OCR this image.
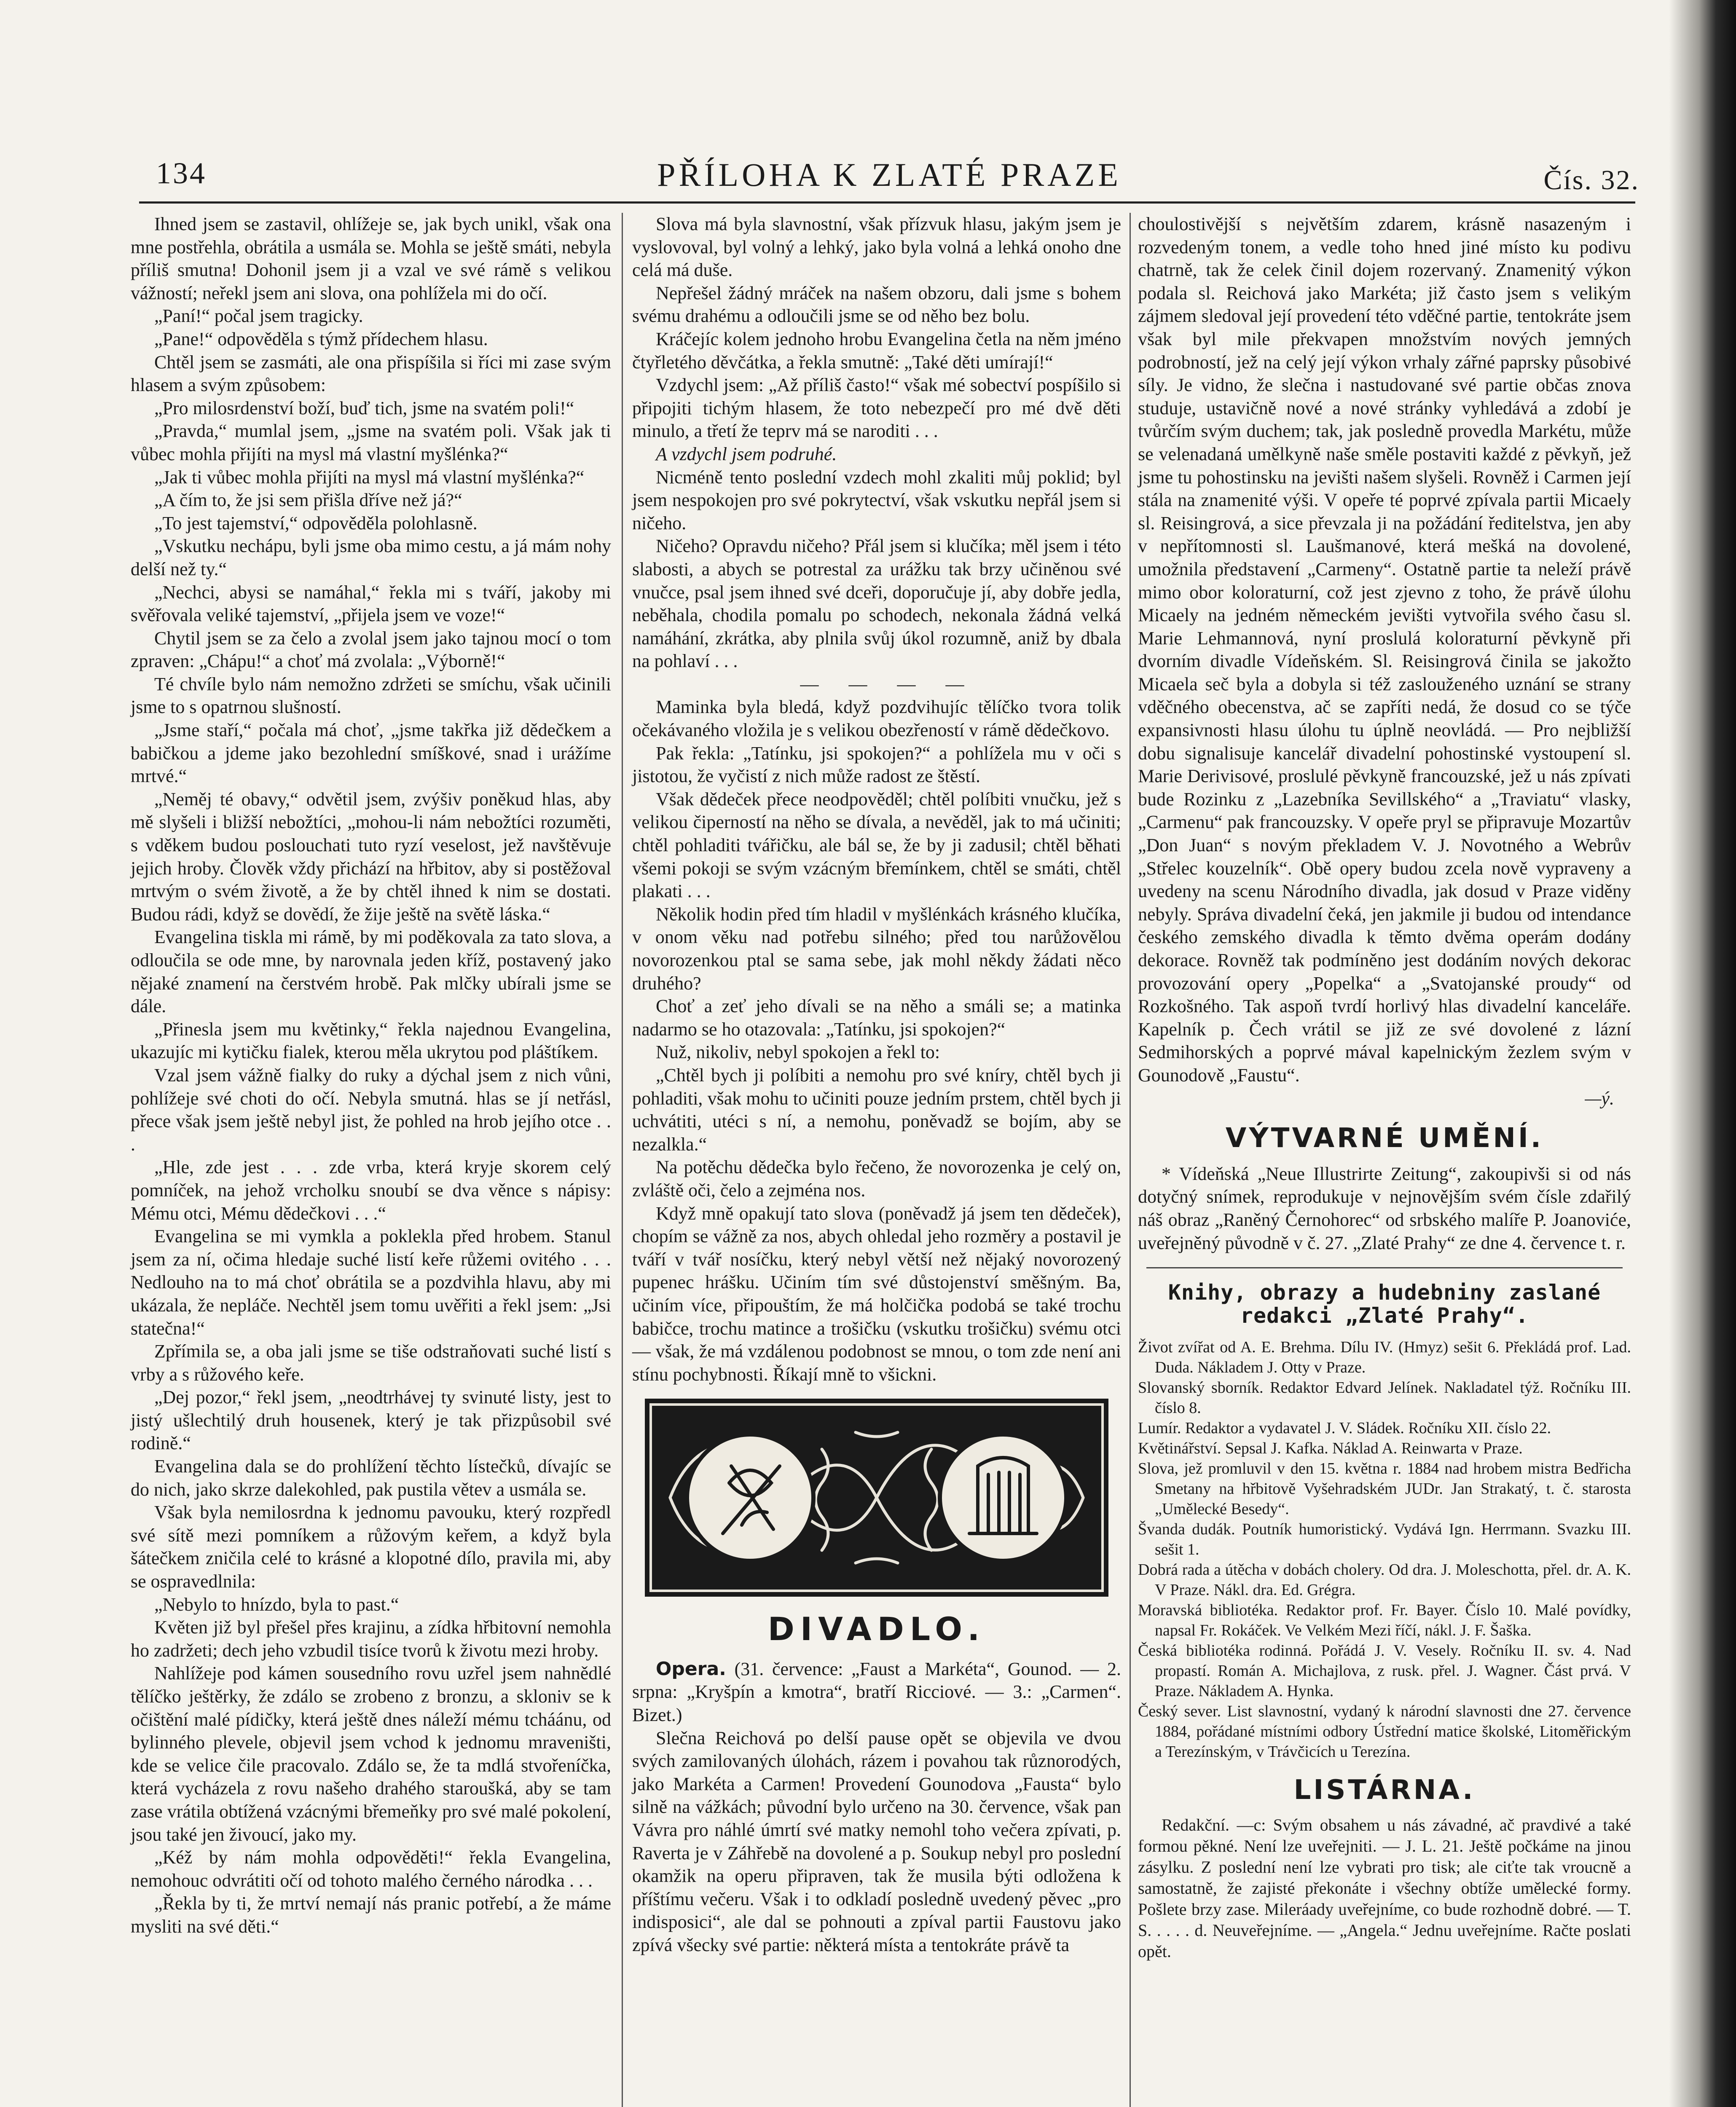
134	PŘÍLOHA K ZLATÉ PRAZE	Čís. 32.

Ihned jsem se zastavil, ohlížeje se, jak bych unikl, však ona mne postřehla, obrátila a usmála se. Mohla se ještě smáti, nebyla příliš smutna! Dohonil jsem ji a vzal ve své rámě s velikou vážností; neřekl jsem ani slova, ona pohlížela mi do očí.

„Paní!“ počal jsem tragicky.

„Pane!“ odpověděla s týmž přídechem hlasu.

Chtěl jsem se zasmáti, ale ona přispíšila si říci mi zase svým hlasem a svým způsobem:

„Pro milosrdenství boží, buď tich, jsme na svatém poli!“

„Pravda,“ mumlal jsem, „jsme na svatém poli. Však jak ti vůbec mohla přijíti na mysl má vlastní myšlénka?“

„Jak ti vůbec mohla přijíti na mysl má vlastní myšlénka?“

„A čím to, že jsi sem přišla dříve než já?“

„To jest tajemství,“ odpověděla polohlasně.

„Vskutku nechápu, byli jsme oba mimo cestu, a já mám nohy delší než ty.“

„Nechci, abysi se namáhal,“ řekla mi s tváří, jakoby mi svěřovala veliké tajemství, „přijela jsem ve voze!“

Chytil jsem se za čelo a zvolal jsem jako tajnou mocí o tom zpraven: „Chápu!“ a choť má zvolala: „Výborně!“

Té chvíle bylo nám nemožno zdržeti se smíchu, však učinili jsme to s opatrnou slušností.

„Jsme staří,“ počala má choť, „jsme takřka již dědečkem a babičkou a jdeme jako bezohlední smíškové, snad i urážíme mrtvé.“

„Neměj té obavy,“ odvětil jsem, zvýšiv poněkud hlas, aby mě slyšeli i bližší nebožtíci, „mohou-li nám nebožtíci rozuměti, s vděkem budou poslouchati tuto ryzí veselost, jež navštěvuje jejich hroby. Člověk vždy přichází na hřbitov, aby si postěžoval mrtvým o svém životě, a že by chtěl ihned k nim se dostati. Budou rádi, když se dovědí, že žije ještě na světě láska.“

Evangelina tiskla mi rámě, by mi poděkovala za tato slova, a odloučila se ode mne, by narovnala jeden kříž, postavený jako nějaké znamení na čerstvém hrobě. Pak mlčky ubírali jsme se dále.

„Přinesla jsem mu květinky,“ řekla najednou Evangelina, ukazujíc mi kytičku fialek, kterou měla ukrytou pod pláštíkem.

Vzal jsem vážně fialky do ruky a dýchal jsem z nich vůni, pohlížeje své choti do očí. Nebyla smutná. hlas se jí netřásl, přece však jsem ještě nebyl jist, že pohled na hrob jejího otce . . .

„Hle, zde jest . . . zde vrba, která kryje skorem celý pomníček, na jehož vrcholku snoubí se dva věnce s nápisy: Mému otci, Mému dědečkovi . . .“

Evangelina se mi vymkla a poklekla před hrobem. Stanul jsem za ní, očima hledaje suché listí keře růžemi ovitého . . . Nedlouho na to má choť obrátila se a pozdvihla hlavu, aby mi ukázala, že nepláče. Nechtěl jsem tomu uvěřiti a řekl jsem: „Jsi statečna!“

Zpřímila se, a oba jali jsme se tiše odstraňovati suché listí s vrby a s růžového keře.

„Dej pozor,“ řekl jsem, „neodtrhávej ty svinuté listy, jest to jistý ušlechtilý druh housenek, který je tak přizpůsobil své rodině.“

Evangelina dala se do prohlížení těchto lístečků, dívajíc se do nich, jako skrze dalekohled, pak pustila větev a usmála se.

Však byla nemilosrdna k jednomu pavouku, který rozpředl své sítě mezi pomníkem a růžovým keřem, a když byla šátečkem zničila celé to krásné a klopotné dílo, pravila mi, aby se ospravedlnila:

„Nebylo to hnízdo, byla to past.“

Květen již byl přešel přes krajinu, a zídka hřbitovní nemohla ho zadržeti; dech jeho vzbudil tisíce tvorů k životu mezi hroby.

Nahlížeje pod kámen sousedního rovu uzřel jsem nahnědlé tělíčko ještěrky, že zdálo se zrobeno z bronzu, a skloniv se k očištění malé pídičky, která ještě dnes náleží mému tcháánu, od bylinného plevele, objevil jsem vchod k jednomu mraveništi, kde se velice čile pracovalo. Zdálo se, že ta mdlá stvořeníčka, která vycházela z rovu našeho drahého staroušká, aby se tam zase vrátila obtížená vzácnými břemeňky pro své malé pokolení, jsou také jen živoucí, jako my.

„Kéž by nám mohla odpověděti!“ řekla Evangelina, nemohouc odvrátiti očí od tohoto malého černého národka . . .

„Řekla by ti, že mrtví nemají nás pranic potřebí, a že máme mysliti na své děti.“

Slova má byla slavnostní, však přízvuk hlasu, jakým jsem je vyslovoval, byl volný a lehký, jako byla volná a lehká onoho dne celá má duše.

Nepřešel žádný mráček na našem obzoru, dali jsme s bohem svému drahému a odloučili jsme se od něho bez bolu.

Kráčejíc kolem jednoho hrobu Evangelina četla na něm jméno čtyřletého děvčátka, a řekla smutně: „Také děti umírají!“

Vzdychl jsem: „Až příliš často!“ však mé sobectví pospíšilo si připojiti tichým hlasem, že toto nebezpečí pro mé dvě děti minulo, a třetí že teprv má se naroditi . . .

A vzdychl jsem podruhé.

Nicméně tento poslední vzdech mohl zkaliti můj poklid; byl jsem nespokojen pro své pokrytectví, však vskutku nepřál jsem si ničeho.

Ničeho? Opravdu ničeho? Přál jsem si klučíka; měl jsem i této slabosti, a abych se potrestal za urážku tak brzy učiněnou své vnučce, psal jsem ihned své dceři, doporučuje jí, aby dobře jedla, neběhala, chodila pomalu po schodech, nekonala žádná velká namáhání, zkrátka, aby plnila svůj úkol rozumně, aniž by dbala na pohlaví . . .

— — — —

Maminka byla bledá, když pozdvihujíc tělíčko tvora tolik očekávaného vložila je s velikou obezřeností v rámě dědečkovo.

Pak řekla: „Tatínku, jsi spokojen?“ a pohlížela mu v oči s jistotou, že vyčistí z nich může radost ze štěstí.

Však dědeček přece neodpověděl; chtěl políbiti vnučku, jež s velikou čiperností na něho se dívala, a nevěděl, jak to má učiniti; chtěl pohladiti tvářičku, ale bál se, že by ji zadusil; chtěl běhati všemi pokoji se svým vzácným břemínkem, chtěl se smáti, chtěl plakati . . .

Několik hodin před tím hladil v myšlénkách krásného klučíka, v onom věku nad potřebu silného; před tou narůžovělou novorozenkou ptal se sama sebe, jak mohl někdy žádati něco druhého?

Choť a zeť jeho dívali se na něho a smáli se; a matinka nadarmo se ho otazovala: „Tatínku, jsi spokojen?“

Nuž, nikoliv, nebyl spokojen a řekl to:

„Chtěl bych ji políbiti a nemohu pro své kníry, chtěl bych ji pohladiti, však mohu to učiniti pouze jedním prstem, chtěl bych ji uchvátiti, utéci s ní, a nemohu, poněvadž se bojím, aby se nezalkla.“

Na potěchu dědečka bylo řečeno, že novorozenka je celý on, zvláště oči, čelo a zejména nos.

Když mně opakují tato slova (poněvadž já jsem ten dědeček), chopím se vážně za nos, abych ohledal jeho rozměry a postavil je tváří v tvář nosíčku, který nebyl větší než nějaký novorozený pupenec hrášku. Učiním tím své důstojenství směšným. Ba, učiním více, připouštím, že má holčička podobá se také trochu babičce, trochu matince a trošičku (vskutku trošičku) svému otci — však, že má vzdálenou podobnost se mnou, o tom zde není ani stínu pochybnosti. Říkají mně to všickni.

DIVADLO.

Opera. (31. července: „Faust a Markéta“, Gounod. — 2. srpna: „Kryšpín a kmotra“, bratří Ricciové. — 3.: „Carmen“. Bizet.)

Slečna Reichová po delší pause opět se objevila ve dvou svých zamilovaných úlohách, rázem i povahou tak různorodých, jako Markéta a Carmen! Provedení Gounodova „Fausta“ bylo silně na vážkách; původní bylo určeno na 30. července, však pan Vávra pro náhlé úmrtí své matky nemohl toho večera zpívati, p. Raverta je v Záhřebě na dovolené a p. Soukup nebyl pro poslední okamžik na operu připraven, tak že musila býti odložena k příštímu večeru. Však i to odkladí posledně uvedený pěvec „pro indisposici“, ale dal se pohnouti a zpíval partii Faustovu jako zpívá všecky své partie: některá místa a tentokráte právě ta

choulostivější s největším zdarem, krásně nasazeným i rozvedeným tonem, a vedle toho hned jiné místo ku podivu chatrně, tak že celek činil dojem rozervaný. Znamenitý výkon podala sl. Reichová jako Markéta; již často jsem s velikým zájmem sledoval její provedení této vděčné partie, tentokráte jsem však byl mile překvapen množstvím nových jemných podrobností, jež na celý její výkon vrhaly zářné paprsky působivé síly. Je vidno, že slečna i nastudované své partie občas znova studuje, ustavičně nové a nové stránky vyhledává a zdobí je tvůrčím svým duchem; tak, jak posledně provedla Markétu, může se velenadaná umělkyně naše směle postaviti každé z pěvkyň, jež jsme tu pohostinsku na jevišti našem slyšeli. Rovněž i Carmen její stála na znamenité výši. V opeře té poprvé zpívala partii Micaely sl. Reisingrová, a sice převzala ji na požádání ředitelstva, jen aby v nepřítomnosti sl. Laušmanové, která mešká na dovolené, umožnila představení „Carmeny“. Ostatně partie ta neleží právě mimo obor koloraturní, což jest zjevno z toho, že právě úlohu Micaely na jedném německém jevišti vytvořila svého času sl. Marie Lehmannová, nyní proslulá koloraturní pěvkyně při dvorním divadle Vídeňském. Sl. Reisingrová činila se jakožto Micaela seč byla a dobyla si též zaslouženého uznání se strany vděčného obecenstva, ač se zapříti nedá, že dosud co se týče expansivnosti hlasu úlohu tu úplně neovládá. — Pro nejbližší dobu signalisuje kancelář divadelní pohostinské vystoupení sl. Marie Derivisové, proslulé pěvkyně francouzské, jež u nás zpívati bude Rozinku z „Lazebníka Sevillského“ a „Traviatu“ vlasky, „Carmenu“ pak francouzsky. V opeře pryl se připravuje Mozartův „Don Juan“ s novým překladem V. J. Novotného a Webrův „Střelec kouzelník“. Obě opery budou zcela nově vypraveny a uvedeny na scenu Národního divadla, jak dosud v Praze viděny nebyly. Správa divadelní čeká, jen jakmile ji budou od intendance českého zemského divadla k těmto dvěma operám dodány dekorace. Rovněž tak podmíněno jest dodáním nových dekorac provozování opery „Popelka“ a „Svatojanské proudy“ od Rozkošného. Tak aspoň tvrdí horlivý hlas divadelní kanceláře. Kapelník p. Čech vrátil se již ze své dovolené z lázní Sedmihorských a poprvé mával kapelnickým žezlem svým v Gounodově „Faustu“.

—ý.

VÝTVARNÉ UMĚNÍ.

* Vídeňská „Neue Illustrirte Zeitung“, zakoupivši si od nás dotyčný snímek, reprodukuje v nejnovějším svém čísle zdařilý náš obraz „Raněný Černohorec“ od srbského malíře P. Joanoviće, uveřejněný původně v č. 27. „Zlaté Prahy“ ze dne 4. července t. r.

Knihy, obrazy a hudebniny zaslané redakci „Zlaté Prahy“.

Život zvířat od A. E. Brehma. Dílu IV. (Hmyz) sešit 6. Překládá prof. Lad. Duda. Nákladem J. Otty v Praze.

Slovanský sborník. Redaktor Edvard Jelínek. Nakladatel týž. Ročníku III. číslo 8.

Lumír. Redaktor a vydavatel J. V. Sládek. Ročníku XII. číslo 22.

Květinářství. Sepsal J. Kafka. Náklad A. Reinwarta v Praze.

Slova, jež promluvil v den 15. května r. 1884 nad hrobem mistra Bedřicha Smetany na hřbitově Vyšehradském JUDr. Jan Strakatý, t. č. starosta „Umělecké Besedy“.

Švanda dudák. Poutník humoristický. Vydává Ign. Herrmann. Svazku III. sešit 1.

Dobrá rada a útěcha v dobách cholery. Od dra. J. Moleschotta, přel. dr. A. K. V Praze. Nákl. dra. Ed. Grégra.

Moravská bibliotéka. Redaktor prof. Fr. Bayer. Číslo 10. Malé povídky, napsal Fr. Rokáček. Ve Velkém Mezi říčí, nákl. J. F. Šaška.

Česká bibliotéka rodinná. Pořádá J. V. Vesely. Ročníku II. sv. 4. Nad propastí. Román A. Michajlova, z rusk. přel. J. Wagner. Část prvá. V Praze. Nákladem A. Hynka.

Český sever. List slavnostní, vydaný k národní slavnosti dne 27. července 1884, pořádané místními odbory Ústřední matice školské, Litoměřickým a Terezínským, v Trávčicích u Terezína.

LISTÁRNA.

Redakční. —c: Svým obsahem u nás závadné, ač pravdivé a také formou pěkné. Není lze uveřejniti. — J. L. 21. Ještě počkáme na jinou zásylku. Z poslední není lze vybrati pro tisk; ale ciťte tak vroucně a samostatně, že zajisté překonáte i všechny obtíže umělecké formy. Pošlete brzy zase. Mileráady uveřejníme, co bude rozhodně dobré. — T. S. . . . . d. Neuveřejníme. — „Angela.“ Jednu uveřejníme. Račte poslati opět.
